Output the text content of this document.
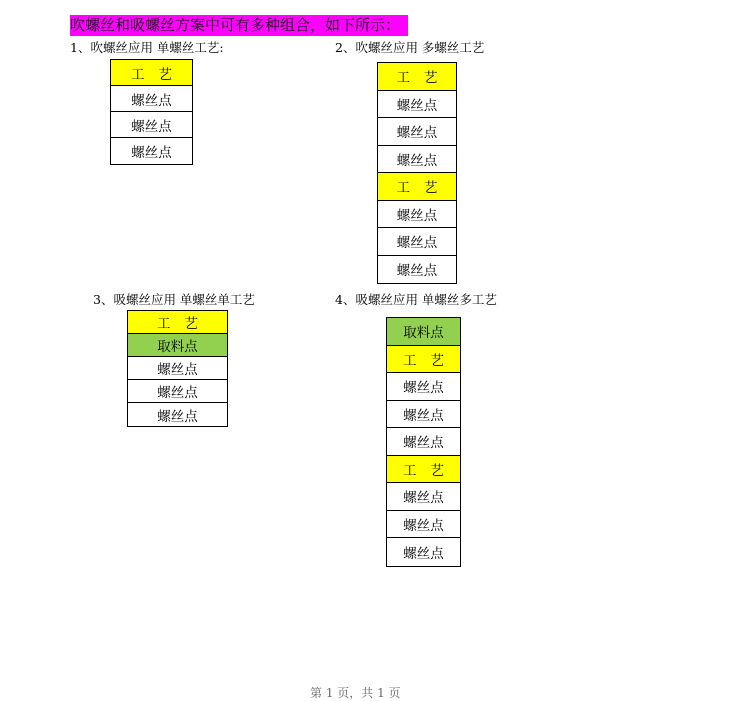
吹螺丝和吸螺丝方案中可有多种组合，如下所示：
1、吹螺丝应用 单螺丝工艺:
工艺
螺丝点
螺丝点
螺丝点
2、吹螺丝应用 多螺丝工艺
工艺
螺丝点
螺丝点
螺丝点
工艺
螺丝点
螺丝点
螺丝点
3、吸螺丝应用 单螺丝单工艺
工艺
取料点
螺丝点
螺丝点
螺丝点
4、吸螺丝应用 单螺丝多工艺
取料点
工艺
螺丝点
螺丝点
螺丝点
工艺
螺丝点
螺丝点
螺丝点
第 1 页，共 1 页
